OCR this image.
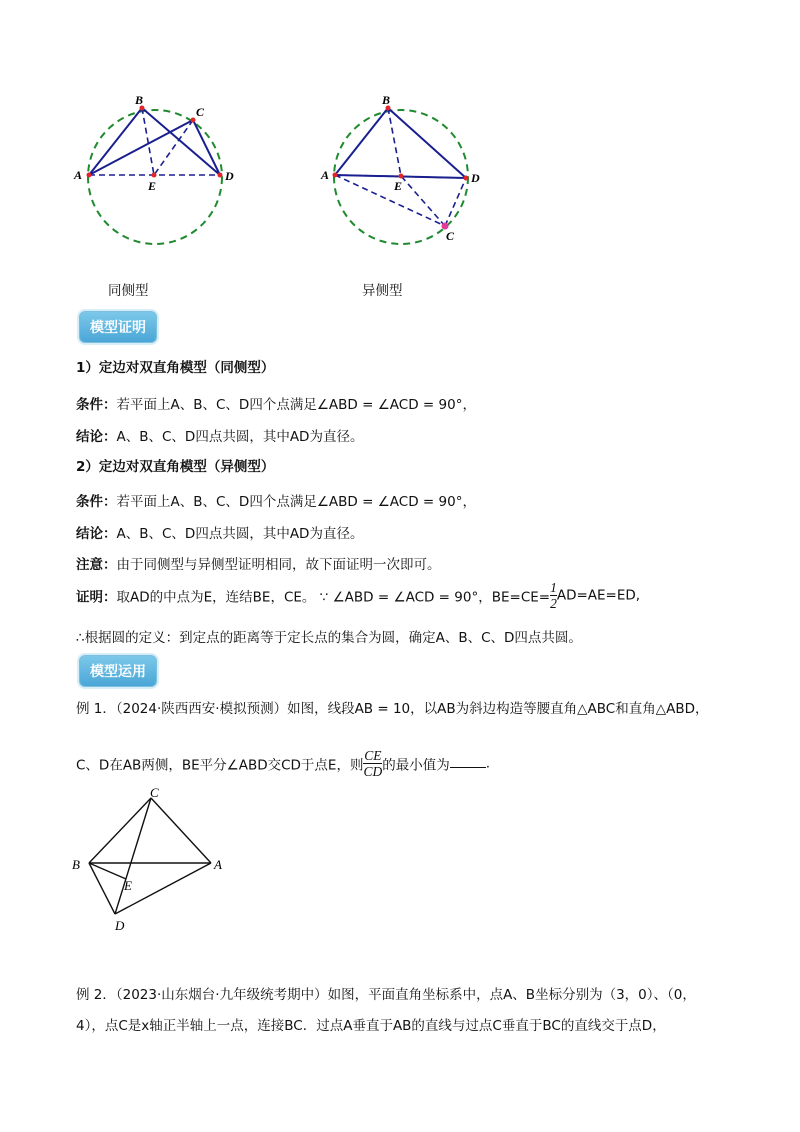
A
B
C
D
E
A
B
C
D
E
同侧型	异侧型
模型证明
1）定边对双直角模型（同侧型）
条件：若平面上A、B、C、D四个点满足∠ABD = ∠ACD = 90°，
结论：A、B、C、D四点共圆，其中AD为直径。
2）定边对双直角模型（异侧型）
条件：若平面上A、B、C、D四个点满足∠ABD = ∠ACD = 90°，
结论：A、B、C、D四点共圆，其中AD为直径。
注意：由于同侧型与异侧型证明相同，故下面证明一次即可。
证明：取AD的中点为E，连结BE，CE。 ∵ ∠ABD = ∠ACD = 90°，$BE=CE= \frac{1}{2} AD=AE=ED$,
∴根据圆的定义：到定点的距离等于定长点的集合为圆，确定A、B、C、D四点共圆。
模型运用
例 1．（2024·陕西西安·模拟预测）如图，线段AB = 10，以AB为斜边构造等腰直角△ABC和直角△ABD，
C、D在AB两侧，BE平分∠ABD交CD于点E，则 $\frac{CE}{CD}$ 的最小值为	.
C
B	A
E
D
例 2．（2023·山东烟台·九年级统考期中）如图，平面直角坐标系中，点A、B坐标分别为（3，0）、（0，
4），点C是x轴正半轴上一点，连接BC．过点A垂直于AB的直线与过点C垂直于BC的直线交于点D，
